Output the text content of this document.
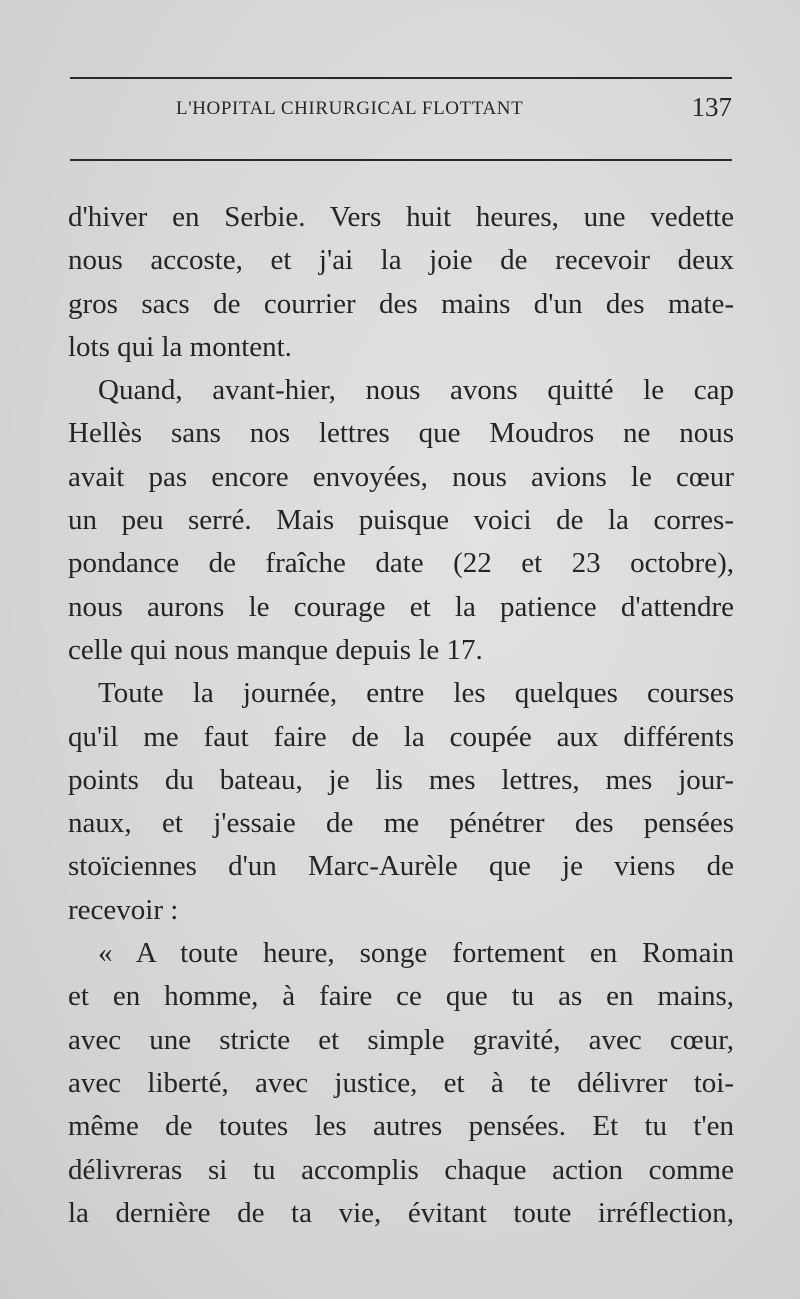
L'HOPITAL CHIRURGICAL FLOTTANT	137
d'hiver en Serbie. Vers huit heures, une vedette
nous accoste, et j'ai la joie de recevoir deux
gros sacs de courrier des mains d'un des mate-
lots qui la montent.
Quand, avant-hier, nous avons quitté le cap
Hellès sans nos lettres que Moudros ne nous
avait pas encore envoyées, nous avions le cœur
un peu serré. Mais puisque voici de la corres-
pondance de fraîche date (22 et 23 octobre),
nous aurons le courage et la patience d'attendre
celle qui nous manque depuis le 17.
Toute la journée, entre les quelques courses
qu'il me faut faire de la coupée aux différents
points du bateau, je lis mes lettres, mes jour-
naux, et j'essaie de me pénétrer des pensées
stoïciennes d'un Marc-Aurèle que je viens de
recevoir :
« A toute heure, songe fortement en Romain
et en homme, à faire ce que tu as en mains,
avec une stricte et simple gravité, avec cœur,
avec liberté, avec justice, et à te délivrer toi-
même de toutes les autres pensées. Et tu t'en
délivreras si tu accomplis chaque action comme
la dernière de ta vie, évitant toute irréflection,
